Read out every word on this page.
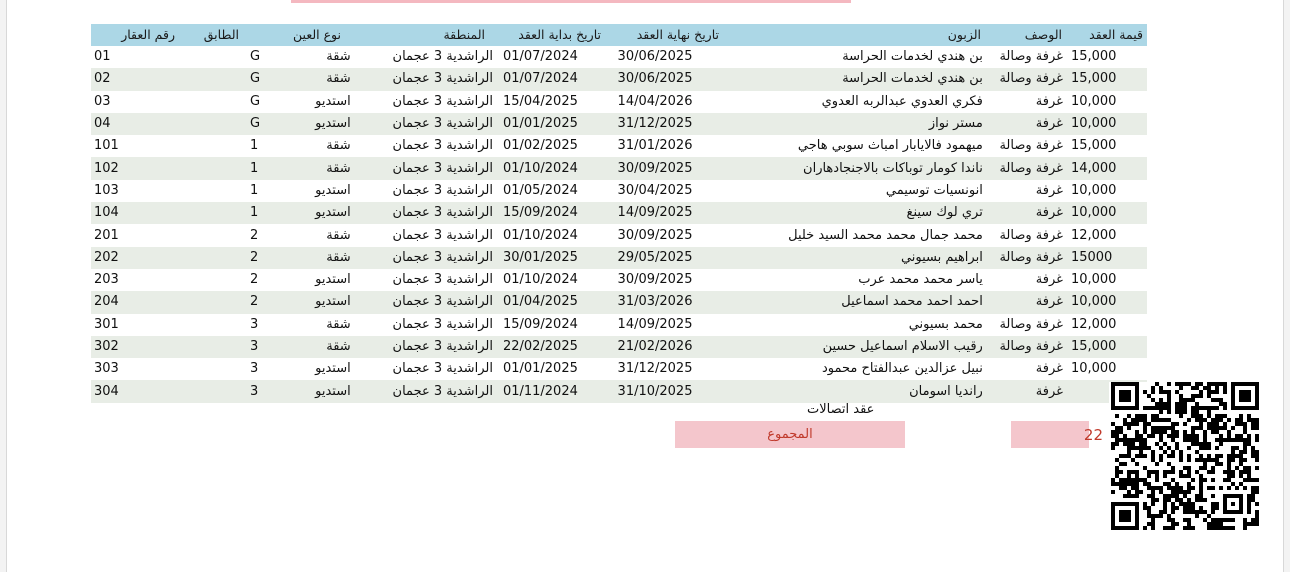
قيمة العقد
الوصف
الزبون
تاريخ نهاية العقد
تاريخ بداية العقد
المنطقة
نوع العين
الطابق
رقم العقار
15,000
غرفة وصالة
بن هندي لخدمات الحراسة
30/06/2025
01/07/2024
الراشدية 3 عجمان
شقة
G
01
15,000
غرفة وصالة
بن هندي لخدمات الحراسة
30/06/2025
01/07/2024
الراشدية 3 عجمان
شقة
G
02
10,000
غرفة
فكري العدوي عبدالربه العدوي
14/04/2026
15/04/2025
الراشدية 3 عجمان
استديو
G
03
10,000
غرفة
مستر نواز
31/12/2025
01/01/2025
الراشدية 3 عجمان
استديو
G
04
15,000
غرفة وصالة
ميهمود فالايابار امباث سوبي هاجي
31/01/2026
01/02/2025
الراشدية 3 عجمان
شقة
1
101
14,000
غرفة وصالة
ناندا كومار توباكات بالاجنجادهاران
30/09/2025
01/10/2024
الراشدية 3 عجمان
شقة
1
102
10,000
غرفة
انونسيات توسيمي
30/04/2025
01/05/2024
الراشدية 3 عجمان
استديو
1
103
10,000
غرفة
تري لوك سينغ
14/09/2025
15/09/2024
الراشدية 3 عجمان
استديو
1
104
12,000
غرفة وصالة
محمد جمال محمد محمد السيد خليل
30/09/2025
01/10/2024
الراشدية 3 عجمان
شقة
2
201
15000
غرفة وصالة
ابراهيم بسيوني
29/05/2025
30/01/2025
الراشدية 3 عجمان
شقة
2
202
10,000
غرفة
ياسر محمد محمد عرب
30/09/2025
01/10/2024
الراشدية 3 عجمان
استديو
2
203
10,000
غرفة
احمد احمد محمد اسماعيل
31/03/2026
01/04/2025
الراشدية 3 عجمان
استديو
2
204
12,000
غرفة وصالة
محمد بسيوني
14/09/2025
15/09/2024
الراشدية 3 عجمان
شقة
3
301
15,000
غرفة وصالة
رقيب الاسلام اسماعيل حسين
21/02/2026
22/02/2025
الراشدية 3 عجمان
شقة
3
302
10,000
غرفة
نبيل عزالدين عبدالفتاح محمود
31/12/2025
01/01/2025
الراشدية 3 عجمان
استديو
3
303
غرفة
رانديا اسومان
31/10/2025
01/11/2024
الراشدية 3 عجمان
استديو
3
304
عقد اتصالات
المجموع	22
